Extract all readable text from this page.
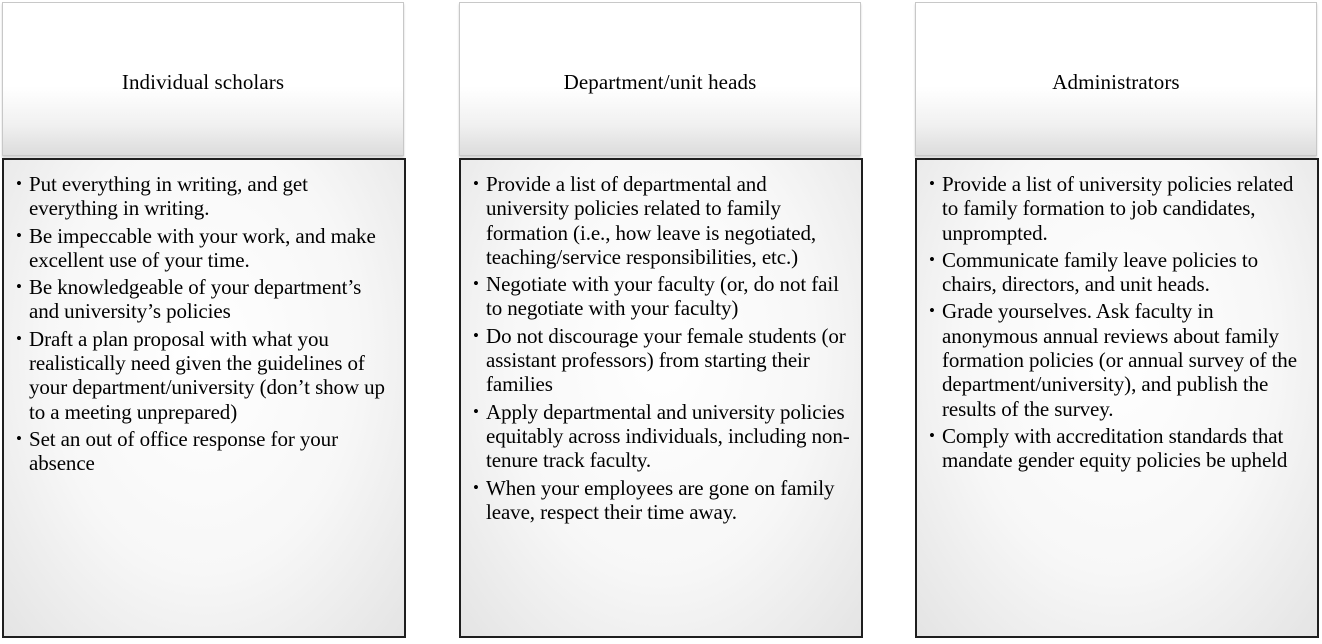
Individual scholars
• Put everything in writing, and get everything in writing.
• Be impeccable with your work, and make excellent use of your time.
• Be knowledgeable of your department’s and university’s policies
• Draft a plan proposal with what you realistically need given the guidelines of your department/university (don’t show up to a meeting unprepared)
• Set an out of office response for your absence
Department/unit heads
• Provide a list of departmental and university policies related to family formation (i.e., how leave is negotiated, teaching/service responsibilities, etc.)
• Negotiate with your faculty (or, do not fail to negotiate with your faculty)
• Do not discourage your female students (or assistant professors) from starting their families
• Apply departmental and university policies equitably across individuals, including non-tenure track faculty.
• When your employees are gone on family leave, respect their time away.
Administrators
• Provide a list of university policies related to family formation to job candidates, unprompted.
• Communicate family leave policies to chairs, directors, and unit heads.
• Grade yourselves. Ask faculty in anonymous annual reviews about family formation policies (or annual survey of the department/university), and publish the results of the survey.
• Comply with accreditation standards that mandate gender equity policies be upheld
